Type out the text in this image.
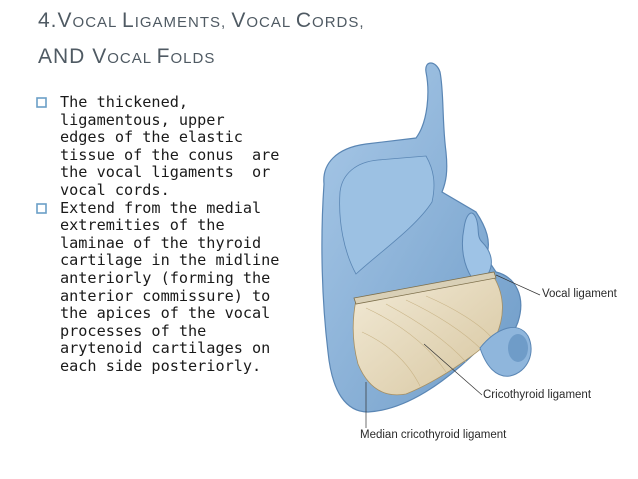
4.VOCAL LIGAMENTS, VOCAL CORDS,
AND VOCAL FOLDS
The thickened,
ligamentous, upper
edges of the elastic
tissue of the conus  are
the vocal ligaments  or
vocal cords.
Extend from the medial
extremities of the
laminae of the thyroid
cartilage in the midline
anteriorly (forming the
anterior commissure) to
the apices of the vocal
processes of the
arytenoid cartilages on
each side posteriorly.
Vocal ligament
Cricothyroid ligament
Median cricothyroid ligament
